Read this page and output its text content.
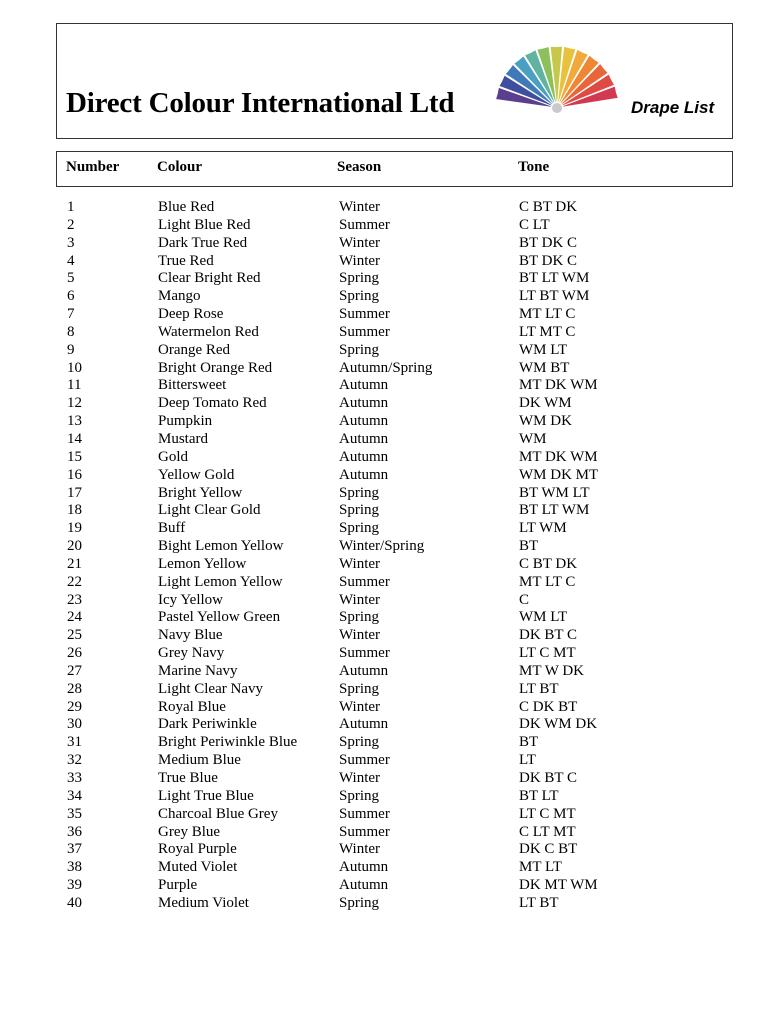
Direct Colour International Ltd	Drape List
Number	Colour	Season	Tone
1	Blue Red	Winter	C BT DK
2	Light Blue Red	Summer	C LT
3	Dark True Red	Winter	BT DK C
4	True Red	Winter	BT DK C
5	Clear Bright Red	Spring	BT LT WM
6	Mango	Spring	LT BT WM
7	Deep Rose	Summer	MT LT C
8	Watermelon Red	Summer	LT MT C
9	Orange Red	Spring	WM LT
10	Bright Orange Red	Autumn/Spring	WM BT
11	Bittersweet	Autumn	MT DK WM
12	Deep Tomato Red	Autumn	DK WM
13	Pumpkin	Autumn	WM DK
14	Mustard	Autumn	WM
15	Gold	Autumn	MT DK WM
16	Yellow Gold	Autumn	WM DK MT
17	Bright Yellow	Spring	BT WM LT
18	Light Clear Gold	Spring	BT LT WM
19	Buff	Spring	LT WM
20	Bight Lemon Yellow	Winter/Spring	BT
21	Lemon Yellow	Winter	C BT DK
22	Light Lemon Yellow	Summer	MT LT C
23	Icy Yellow	Winter	C
24	Pastel Yellow Green	Spring	WM LT
25	Navy Blue	Winter	DK BT C
26	Grey Navy	Summer	LT C MT
27	Marine Navy	Autumn	MT W DK
28	Light Clear Navy	Spring	LT BT
29	Royal Blue	Winter	C DK BT
30	Dark Periwinkle	Autumn	DK WM DK
31	Bright Periwinkle Blue	Spring	BT
32	Medium Blue	Summer	LT
33	True Blue	Winter	DK BT C
34	Light True Blue	Spring	BT LT
35	Charcoal Blue Grey	Summer	LT C MT
36	Grey Blue	Summer	C LT MT
37	Royal Purple	Winter	DK C BT
38	Muted Violet	Autumn	MT LT
39	Purple	Autumn	DK MT WM
40	Medium Violet	Spring	LT BT
